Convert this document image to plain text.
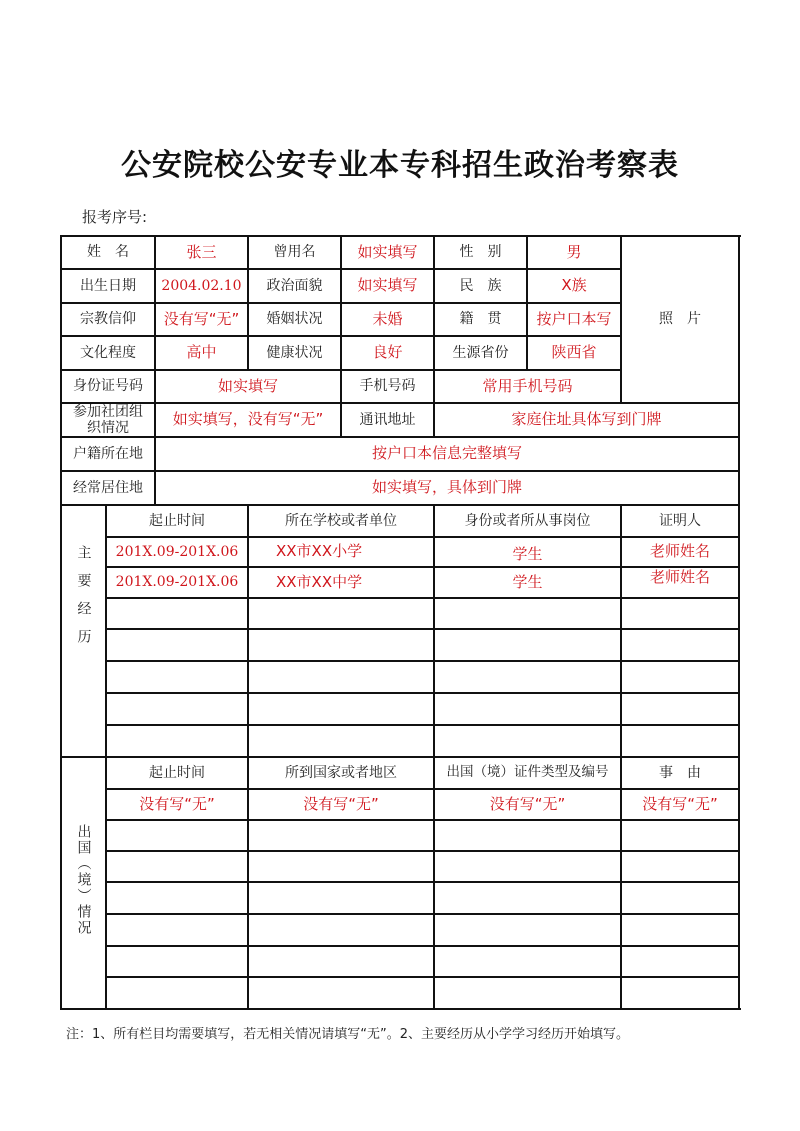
公安院校公安专业本专科招生政治考察表
报考序号:
姓　名	张三	曾用名	如实填写	性　别	男
出生日期	2004.02.10	政治面貌	如实填写	民　族	X族
宗教信仰	没有写“无”	婚姻状况	未婚	籍　贯	按户口本写
文化程度	高中	健康状况	良好	生源省份	陕西省
身份证号码	如实填写	手机号码	常用手机号码
照　片
参加社团组织情况	如实填写，没有写“无”	通讯地址	家庭住址具体写到门牌
户籍所在地	按户口本信息完整填写
经常居住地	如实填写，具体到门牌
主要经历
起止时间	所在学校或者单位	身份或者所从事岗位	证明人
201X.09-201X.06	XX市XX小学	学生	老师姓名
201X.09-201X.06	XX市XX中学	学生	老师姓名
出国（境）情况
起止时间	所到国家或者地区	出国（境）证件类型及编号	事　由
没有写“无”	没有写“无”	没有写“无”	没有写“无”
注：1、所有栏目均需要填写，若无相关情况请填写“无”。2、主要经历从小学学习经历开始填写。
